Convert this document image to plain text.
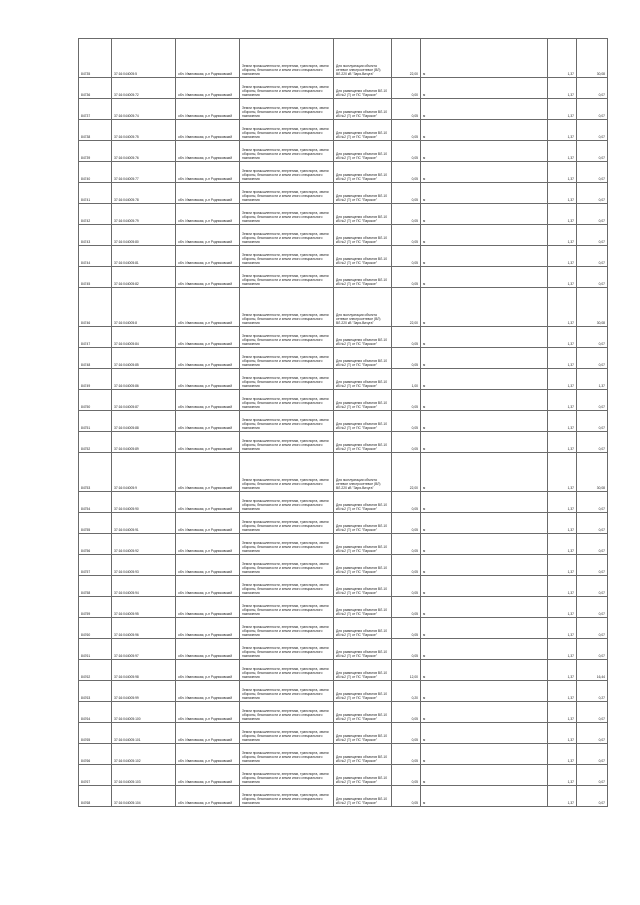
84735	37:16:044005:5	обл. Ивановская, р-н Родниковский	Земли промышленности, энергетики, транспорта, земли обороны, безопасности и земли иного специального назначения	Для эксплуатации объекта сетевое электросетевое (ВЛ) ВЛ-220 кВ "Заря-Вичуга"	22,00	м	1,37	30,08
84736	37:16:044005:72	обл. Ивановская, р-н Родниковский	Земли промышленности, энергетики, транспорта, земли обороны, безопасности и земли иного специального назначения	Для размещения объектов ВЛ-10 кВ №2 (Т) от ПС "Парское"	0,00	м	1,37	0,07
84737	37:16:044005:74	обл. Ивановская, р-н Родниковский	Земли промышленности, энергетики, транспорта, земли обороны, безопасности и земли иного специального назначения	Для размещения объектов ВЛ-10 кВ №2 (Т) от ПС "Парское"	0,05	м	1,37	0,07
84738	37:16:044005:75	обл. Ивановская, р-н Родниковский	Земли промышленности, энергетики, транспорта, земли обороны, безопасности и земли иного специального назначения	Для размещения объектов ВЛ-10 кВ №2 (Т) от ПС "Парское"	0,05	м	1,37	0,07
84739	37:16:044005:76	обл. Ивановская, р-н Родниковский	Земли промышленности, энергетики, транспорта, земли обороны, безопасности и земли иного специального назначения	Для размещения объектов ВЛ-10 кВ №2 (Т) от ПС "Парское"	0,05	м	1,37	0,07
84740	37:16:044005:77	обл. Ивановская, р-н Родниковский	Земли промышленности, энергетики, транспорта, земли обороны, безопасности и земли иного специального назначения	Для размещения объектов ВЛ-10 кВ №2 (Т) от ПС "Парское"	0,05	м	1,37	0,07
84741	37:16:044005:78	обл. Ивановская, р-н Родниковский	Земли промышленности, энергетики, транспорта, земли обороны, безопасности и земли иного специального назначения	Для размещения объектов ВЛ-10 кВ №2 (Т) от ПС "Парское"	0,05	м	1,37	0,07
84742	37:16:044005:79	обл. Ивановская, р-н Родниковский	Земли промышленности, энергетики, транспорта, земли обороны, безопасности и земли иного специального назначения	Для размещения объектов ВЛ-10 кВ №2 (Т) от ПС "Парское"	0,05	м	1,37	0,07
84743	37:16:044005:80	обл. Ивановская, р-н Родниковский	Земли промышленности, энергетики, транспорта, земли обороны, безопасности и земли иного специального назначения	Для размещения объектов ВЛ-10 кВ №2 (Т) от ПС "Парское"	0,05	м	1,37	0,07
84744	37:16:044005:81	обл. Ивановская, р-н Родниковский	Земли промышленности, энергетики, транспорта, земли обороны, безопасности и земли иного специального назначения	Для размещения объектов ВЛ-10 кВ №2 (Т) от ПС "Парское"	0,05	м	1,37	0,07
84745	37:16:044005:82	обл. Ивановская, р-н Родниковский	Земли промышленности, энергетики, транспорта, земли обороны, безопасности и земли иного специального назначения	Для размещения объектов ВЛ-10 кВ №2 (Т) от ПС "Парское"	0,05	м	1,37	0,07
84746	37:16:044005:8	обл. Ивановская, р-н Родниковский	Земли промышленности, энергетики, транспорта, земли обороны, безопасности и земли иного специального назначения	Для эксплуатации объекта сетевое электросетевое (ВЛ) ВЛ-220 кВ "Заря-Вичуга"	22,00	м	1,37	30,08
84747	37:16:044005:84	обл. Ивановская, р-н Родниковский	Земли промышленности, энергетики, транспорта, земли обороны, безопасности и земли иного специального назначения	Для размещения объектов ВЛ-10 кВ №2 (Т) от ПС "Парское"	0,05	м	1,37	0,07
84748	37:16:044005:85	обл. Ивановская, р-н Родниковский	Земли промышленности, энергетики, транспорта, земли обороны, безопасности и земли иного специального назначения	Для размещения объектов ВЛ-10 кВ №2 (Т) от ПС "Парское"	0,05	м	1,37	0,07
84749	37:16:044005:86	обл. Ивановская, р-н Родниковский	Земли промышленности, энергетики, транспорта, земли обороны, безопасности и земли иного специального назначения	Для размещения объектов ВЛ-10 кВ №2 (Т) от ПС "Парское"	1,00	м	1,37	1,37
84750	37:16:044005:87	обл. Ивановская, р-н Родниковский	Земли промышленности, энергетики, транспорта, земли обороны, безопасности и земли иного специального назначения	Для размещения объектов ВЛ-10 кВ №2 (Т) от ПС "Парское"	0,05	м	1,37	0,07
84751	37:16:044005:88	обл. Ивановская, р-н Родниковский	Земли промышленности, энергетики, транспорта, земли обороны, безопасности и земли иного специального назначения	Для размещения объектов ВЛ-10 кВ №2 (Т) от ПС "Парское"	0,05	м	1,37	0,07
84752	37:16:044005:89	обл. Ивановская, р-н Родниковский	Земли промышленности, энергетики, транспорта, земли обороны, безопасности и земли иного специального назначения	Для размещения объектов ВЛ-10 кВ №2 (Т) от ПС "Парское"	0,05	м	1,37	0,07
84753	37:16:044005:9	обл. Ивановская, р-н Родниковский	Земли промышленности, энергетики, транспорта, земли обороны, безопасности и земли иного специального назначения	Для эксплуатации объекта сетевое электросетевое (ВЛ) ВЛ-220 кВ "Заря-Вичуга"	22,00	м	1,37	30,08
84754	37:16:044005:90	обл. Ивановская, р-н Родниковский	Земли промышленности, энергетики, транспорта, земли обороны, безопасности и земли иного специального назначения	Для размещения объектов ВЛ-10 кВ №2 (Т) от ПС "Парское"	0,05	м	1,37	0,07
84755	37:16:044005:91	обл. Ивановская, р-н Родниковский	Земли промышленности, энергетики, транспорта, земли обороны, безопасности и земли иного специального назначения	Для размещения объектов ВЛ-10 кВ №2 (Т) от ПС "Парское"	0,05	м	1,37	0,07
84756	37:16:044005:92	обл. Ивановская, р-н Родниковский	Земли промышленности, энергетики, транспорта, земли обороны, безопасности и земли иного специального назначения	Для размещения объектов ВЛ-10 кВ №2 (Т) от ПС "Парское"	0,05	м	1,37	0,07
84757	37:16:044005:93	обл. Ивановская, р-н Родниковский	Земли промышленности, энергетики, транспорта, земли обороны, безопасности и земли иного специального назначения	Для размещения объектов ВЛ-10 кВ №2 (Т) от ПС "Парское"	0,05	м	1,37	0,07
84758	37:16:044005:94	обл. Ивановская, р-н Родниковский	Земли промышленности, энергетики, транспорта, земли обороны, безопасности и земли иного специального назначения	Для размещения объектов ВЛ-10 кВ №2 (Т) от ПС "Парское"	0,05	м	1,37	0,07
84759	37:16:044005:95	обл. Ивановская, р-н Родниковский	Земли промышленности, энергетики, транспорта, земли обороны, безопасности и земли иного специального назначения	Для размещения объектов ВЛ-10 кВ №2 (Т) от ПС "Парское"	0,05	м	1,37	0,07
84760	37:16:044005:96	обл. Ивановская, р-н Родниковский	Земли промышленности, энергетики, транспорта, земли обороны, безопасности и земли иного специального назначения	Для размещения объектов ВЛ-10 кВ №2 (Т) от ПС "Парское"	0,05	м	1,37	0,07
84761	37:16:044005:97	обл. Ивановская, р-н Родниковский	Земли промышленности, энергетики, транспорта, земли обороны, безопасности и земли иного специального назначения	Для размещения объектов ВЛ-10 кВ №2 (Т) от ПС "Парское"	0,05	м	1,37	0,07
84762	37:16:044005:98	обл. Ивановская, р-н Родниковский	Земли промышленности, энергетики, транспорта, земли обороны, безопасности и земли иного специального назначения	Для размещения объектов ВЛ-10 кВ №2 (Т) от ПС "Парское"	12,00	м	1,37	16,44
84763	37:16:044005:99	обл. Ивановская, р-н Родниковский	Земли промышленности, энергетики, транспорта, земли обороны, безопасности и земли иного специального назначения	Для размещения объектов ВЛ-10 кВ №2 (Т) от ПС "Парское"	0,20	м	1,37	0,27
84764	37:16:044005:100	обл. Ивановская, р-н Родниковский	Земли промышленности, энергетики, транспорта, земли обороны, безопасности и земли иного специального назначения	Для размещения объектов ВЛ-10 кВ №2 (Т) от ПС "Парское"	0,05	м	1,37	0,07
84765	37:16:044005:101	обл. Ивановская, р-н Родниковский	Земли промышленности, энергетики, транспорта, земли обороны, безопасности и земли иного специального назначения	Для размещения объектов ВЛ-10 кВ №2 (Т) от ПС "Парское"	0,05	м	1,37	0,07
84766	37:16:044005:102	обл. Ивановская, р-н Родниковский	Земли промышленности, энергетики, транспорта, земли обороны, безопасности и земли иного специального назначения	Для размещения объектов ВЛ-10 кВ №2 (Т) от ПС "Парское"	0,05	м	1,37	0,07
84767	37:16:044005:103	обл. Ивановская, р-н Родниковский	Земли промышленности, энергетики, транспорта, земли обороны, безопасности и земли иного специального назначения	Для размещения объектов ВЛ-10 кВ №2 (Т) от ПС "Парское"	0,05	м	1,37	0,07
84768	37:16:044005:104	обл. Ивановская, р-н Родниковский	Земли промышленности, энергетики, транспорта, земли обороны, безопасности и земли иного специального назначения	Для размещения объектов ВЛ-10 кВ №2 (Т) от ПС "Парское"	0,05	м	1,37	0,07
